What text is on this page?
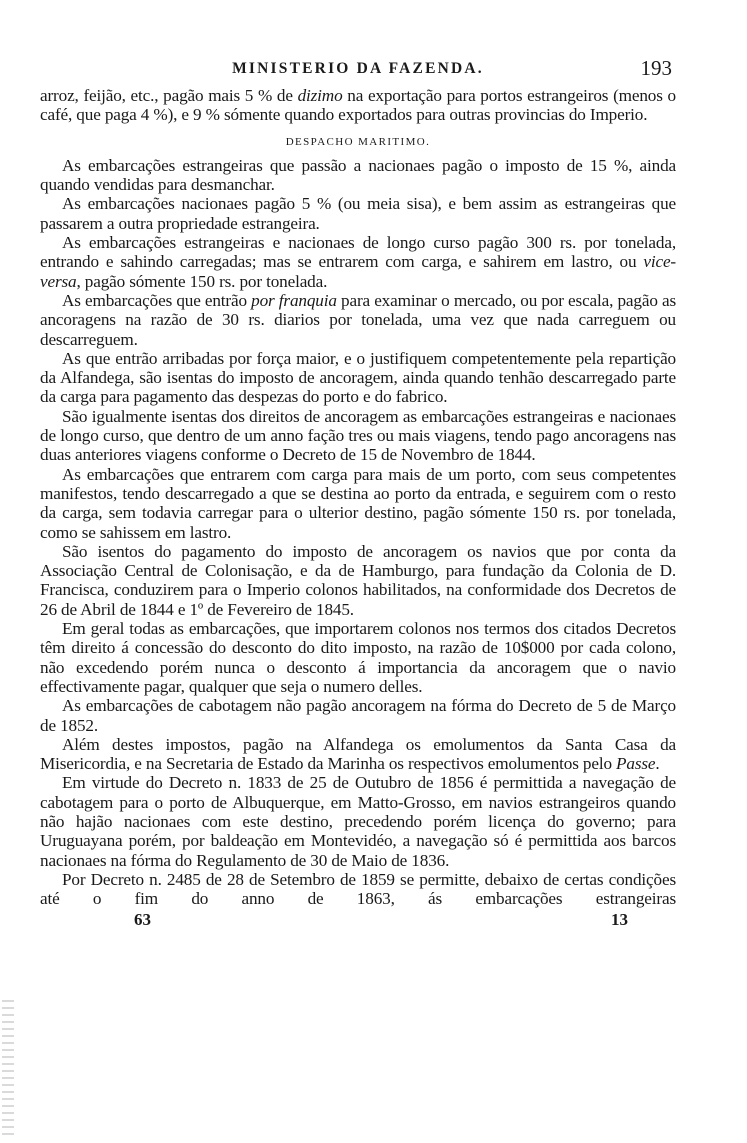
MINISTERIO DA FAZENDA.	193

arroz, feijão, etc., pagão mais 5 % de dizimo na exportação para portos estrangeiros (menos o café, que paga 4 %), e 9 % sómente quando exportados para outras provincias do Imperio.

DESPACHO MARITIMO.

As embarcações estrangeiras que passão a nacionaes pagão o imposto de 15 %, ainda quando vendidas para desmanchar.

As embarcações nacionaes pagão 5 % (ou meia sisa), e bem assim as estrangeiras que passarem a outra propriedade estrangeira.

As embarcações estrangeiras e nacionaes de longo curso pagão 300 rs. por tonelada, entrando e sahindo carregadas; mas se entrarem com carga, e sahirem em lastro, ou vice-versa, pagão sómente 150 rs. por tonelada.

As embarcações que entrão por franquia para examinar o mercado, ou por escala, pagão as ancoragens na razão de 30 rs. diarios por tonelada, uma vez que nada carreguem ou descarreguem.

As que entrão arribadas por força maior, e o justifiquem competentemente pela repartição da Alfandega, são isentas do imposto de ancoragem, ainda quando tenhão descarregado parte da carga para pagamento das despezas do porto e do fabrico.

São igualmente isentas dos direitos de ancoragem as embarcações estrangeiras e nacionaes de longo curso, que dentro de um anno fação tres ou mais viagens, tendo pago ancoragens nas duas anteriores viagens conforme o Decreto de 15 de Novembro de 1844.

As embarcações que entrarem com carga para mais de um porto, com seus competentes manifestos, tendo descarregado a que se destina ao porto da entrada, e seguirem com o resto da carga, sem todavia carregar para o ulterior destino, pagão sómente 150 rs. por tonelada, como se sahissem em lastro.

São isentos do pagamento do imposto de ancoragem os navios que por conta da Associação Central de Colonisação, e da de Hamburgo, para fundação da Colonia de D. Francisca, conduzirem para o Imperio colonos habilitados, na conformidade dos Decretos de 26 de Abril de 1844 e 1º de Fevereiro de 1845.

Em geral todas as embarcações, que importarem colonos nos termos dos citados Decretos têm direito á concessão do desconto do dito imposto, na razão de 10$000 por cada colono, não excedendo porém nunca o desconto á importancia da ancoragem que o navio effectivamente pagar, qualquer que seja o numero delles.

As embarcações de cabotagem não pagão ancoragem na fórma do Decreto de 5 de Março de 1852.

Além destes impostos, pagão na Alfandega os emolumentos da Santa Casa da Misericordia, e na Secretaria de Estado da Marinha os respectivos emolumentos pelo Passe.

Em virtude do Decreto n. 1833 de 25 de Outubro de 1856 é permittida a navegação de cabotagem para o porto de Albuquerque, em Matto-Grosso, em navios estrangeiros quando não hajão nacionaes com este destino, precedendo porém licença do governo; para Uruguayana porém, por baldeação em Montevidéo, a navegação só é permittida aos barcos nacionaes na fórma do Regulamento de 30 de Maio de 1836.

Por Decreto n. 2485 de 28 de Setembro de 1859 se permitte, debaixo de certas condições até o fim do anno de 1863, ás embarcações estrangeiras

63	13
